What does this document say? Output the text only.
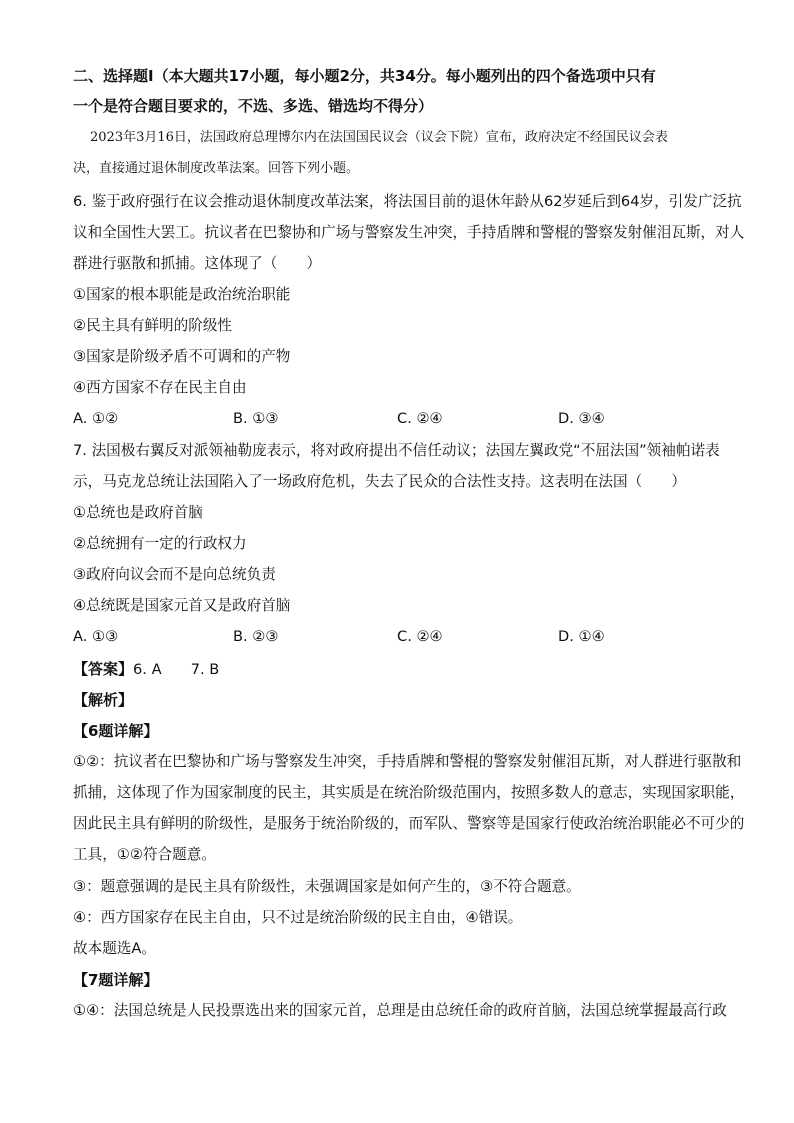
二、选择题Ⅰ（本大题共17小题，每小题2分，共34分。每小题列出的四个备选项中只有
一个是符合题目要求的，不选、多选、错选均不得分）
2023年3月16日，法国政府总理博尔内在法国国民议会（议会下院）宣布，政府决定不经国民议会表
决，直接通过退休制度改革法案。回答下列小题。
6. 鉴于政府强行在议会推动退休制度改革法案，将法国目前的退休年龄从62岁延后到64岁，引发广泛抗
议和全国性大罢工。抗议者在巴黎协和广场与警察发生冲突，手持盾牌和警棍的警察发射催泪瓦斯，对人
群进行驱散和抓捕。这体现了（　　）
①国家的根本职能是政治统治职能
②民主具有鲜明的阶级性
③国家是阶级矛盾不可调和的产物
④西方国家不存在民主自由
A. ①②	B. ①③	C. ②④	D. ③④
7. 法国极右翼反对派领袖勒庞表示，将对政府提出不信任动议；法国左翼政党“不屈法国”领袖帕诺表
示，马克龙总统让法国陷入了一场政府危机，失去了民众的合法性支持。这表明在法国（　　）
①总统也是政府首脑
②总统拥有一定的行政权力
③政府向议会而不是向总统负责
④总统既是国家元首又是政府首脑
A. ①③	B. ②③	C. ②④	D. ①④
【答案】6. A　　7. B
【解析】
【6题详解】
①②：抗议者在巴黎协和广场与警察发生冲突，手持盾牌和警棍的警察发射催泪瓦斯，对人群进行驱散和
抓捕，这体现了作为国家制度的民主，其实质是在统治阶级范围内，按照多数人的意志，实现国家职能，
因此民主具有鲜明的阶级性，是服务于统治阶级的，而军队、警察等是国家行使政治统治职能必不可少的
工具，①②符合题意。
③：题意强调的是民主具有阶级性，未强调国家是如何产生的，③不符合题意。
④：西方国家存在民主自由，只不过是统治阶级的民主自由，④错误。
故本题选A。
【7题详解】
①④：法国总统是人民投票选出来的国家元首，总理是由总统任命的政府首脑，法国总统掌握最高行政
